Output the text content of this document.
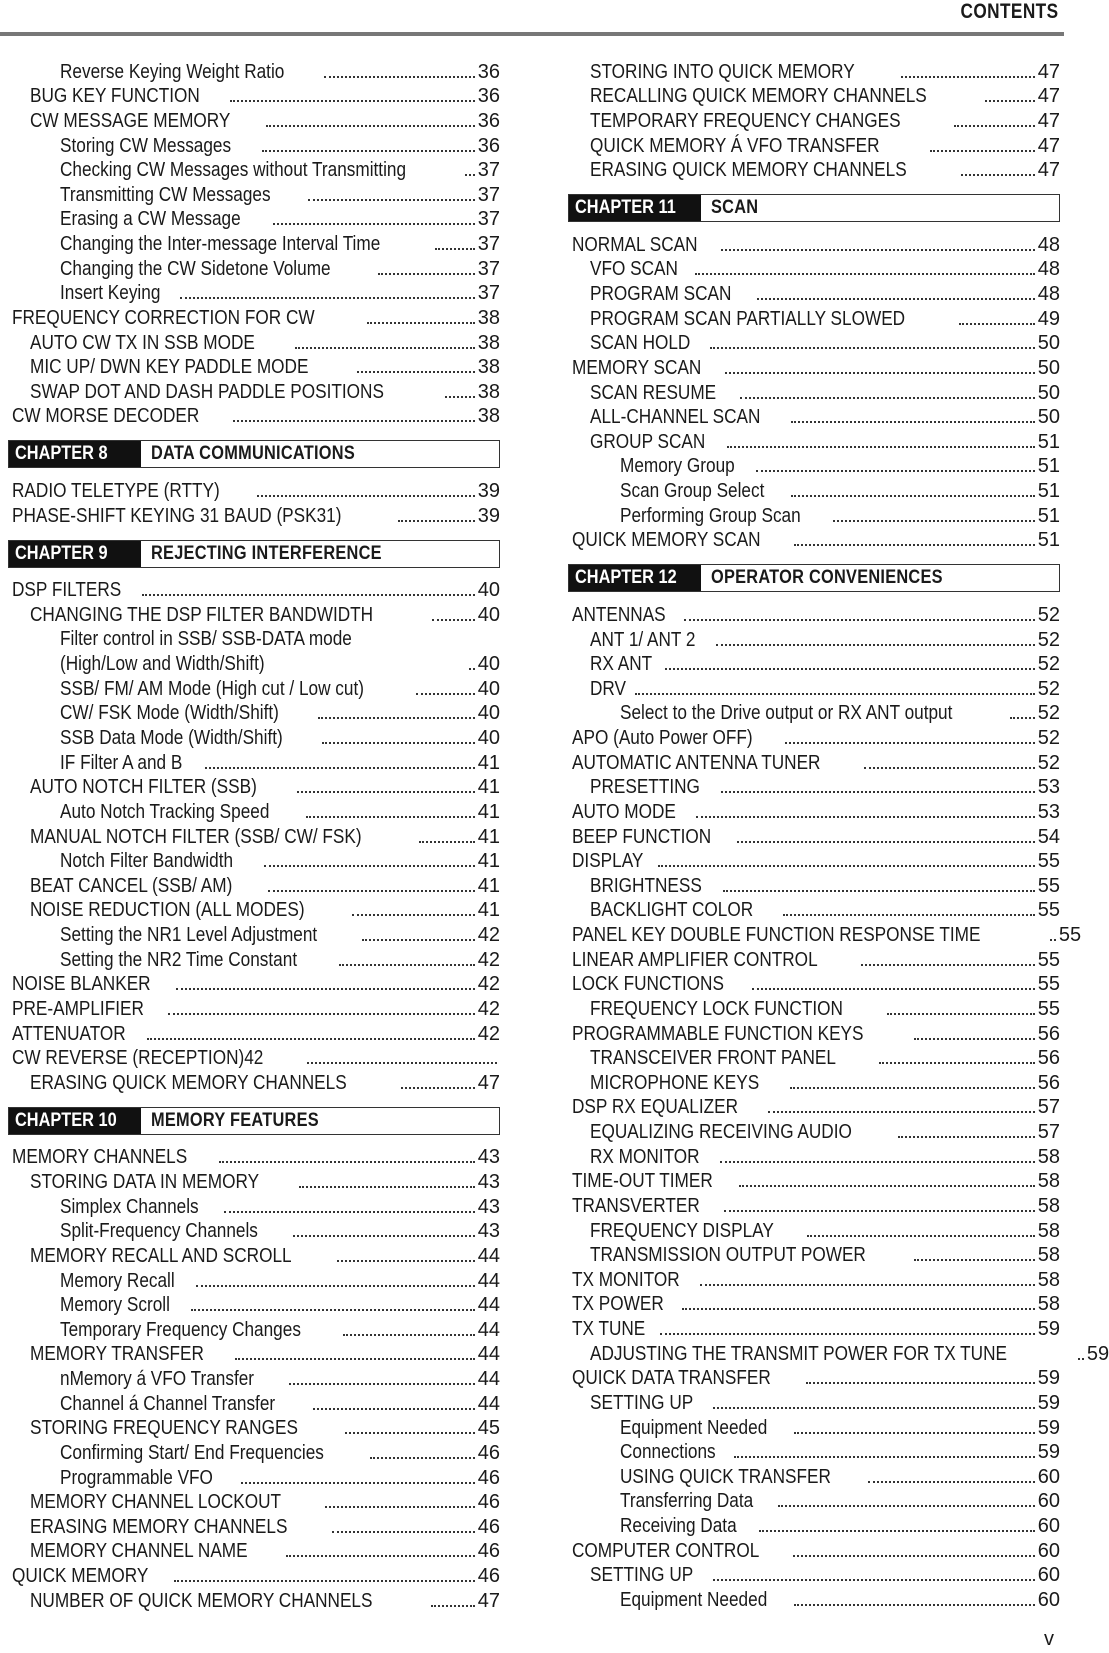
CONTENTS
Reverse Keying Weight Ratio	36
BUG KEY FUNCTION	36
CW MESSAGE MEMORY	36
Storing CW Messages	36
Checking CW Messages without Transmitting	37
Transmitting CW Messages	37
Erasing a CW Message	37
Changing the Inter-message Interval Time	37
Changing the CW Sidetone Volume	37
Insert Keying	37
FREQUENCY CORRECTION FOR CW	38
AUTO CW TX IN SSB MODE	38
MIC UP/ DWN KEY PADDLE MODE	38
SWAP DOT AND DASH PADDLE POSITIONS	38
CW MORSE DECODER	38
CHAPTER 8	DATA COMMUNICATIONS
RADIO TELETYPE (RTTY)	39
PHASE-SHIFT KEYING 31 BAUD (PSK31)	39
CHAPTER 9	REJECTING INTERFERENCE
DSP FILTERS	40
CHANGING THE DSP FILTER BANDWIDTH	40
Filter control in SSB/ SSB-DATA mode (High/Low and Width/Shift)	40
SSB/ FM/ AM Mode (High cut / Low cut)	40
CW/ FSK Mode (Width/Shift)	40
SSB Data Mode (Width/Shift)	40
IF Filter A and B	41
AUTO NOTCH FILTER (SSB)	41
Auto Notch Tracking Speed	41
MANUAL NOTCH FILTER (SSB/ CW/ FSK)	41
Notch Filter Bandwidth	41
BEAT CANCEL (SSB/ AM)	41
NOISE REDUCTION (ALL MODES)	41
Setting the NR1 Level Adjustment	42
Setting the NR2 Time Constant	42
NOISE BLANKER	42
PRE-AMPLIFIER	42
ATTENUATOR	42
CW REVERSE (RECEPTION)42
ERASING QUICK MEMORY CHANNELS	47
CHAPTER 10	MEMORY FEATURES
MEMORY CHANNELS	43
STORING DATA IN MEMORY	43
Simplex Channels	43
Split-Frequency Channels	43
MEMORY RECALL AND SCROLL	44
Memory Recall	44
Memory Scroll	44
Temporary Frequency Changes	44
MEMORY TRANSFER	44
nMemory á VFO Transfer	44
Channel á Channel Transfer	44
STORING FREQUENCY RANGES	45
Confirming Start/ End Frequencies	46
Programmable VFO	46
MEMORY CHANNEL LOCKOUT	46
ERASING MEMORY CHANNELS	46
MEMORY CHANNEL NAME	46
QUICK MEMORY	46
NUMBER OF QUICK MEMORY CHANNELS	47
STORING INTO QUICK MEMORY	47
RECALLING QUICK MEMORY CHANNELS	47
TEMPORARY FREQUENCY CHANGES	47
QUICK MEMORY Á VFO TRANSFER	47
ERASING QUICK MEMORY CHANNELS	47
CHAPTER 11	SCAN
NORMAL SCAN	48
VFO SCAN	48
PROGRAM SCAN	48
PROGRAM SCAN PARTIALLY SLOWED	49
SCAN HOLD	50
MEMORY SCAN	50
SCAN RESUME	50
ALL-CHANNEL SCAN	50
GROUP SCAN	51
Memory Group	51
Scan Group Select	51
Performing Group Scan	51
QUICK MEMORY SCAN	51
CHAPTER 12	OPERATOR CONVENIENCES
ANTENNAS	52
ANT 1/ ANT 2	52
RX ANT	52
DRV	52
Select to the Drive output or RX ANT output	52
APO (Auto Power OFF)	52
AUTOMATIC ANTENNA TUNER	52
PRESETTING	53
AUTO MODE	53
BEEP FUNCTION	54
DISPLAY	55
BRIGHTNESS	55
BACKLIGHT COLOR	55
PANEL KEY DOUBLE FUNCTION RESPONSE TIME	55
LINEAR AMPLIFIER CONTROL	55
LOCK FUNCTIONS	55
FREQUENCY LOCK FUNCTION	55
PROGRAMMABLE FUNCTION KEYS	56
TRANSCEIVER FRONT PANEL	56
MICROPHONE KEYS	56
DSP RX EQUALIZER	57
EQUALIZING RECEIVING AUDIO	57
RX MONITOR	58
TIME-OUT TIMER	58
TRANSVERTER	58
FREQUENCY DISPLAY	58
TRANSMISSION OUTPUT POWER	58
TX MONITOR	58
TX POWER	58
TX TUNE	59
ADJUSTING THE TRANSMIT POWER FOR TX TUNE	59
QUICK DATA TRANSFER	59
SETTING UP	59
Equipment Needed	59
Connections	59
USING QUICK TRANSFER	60
Transferring Data	60
Receiving Data	60
COMPUTER CONTROL	60
SETTING UP	60
Equipment Needed	60
v
